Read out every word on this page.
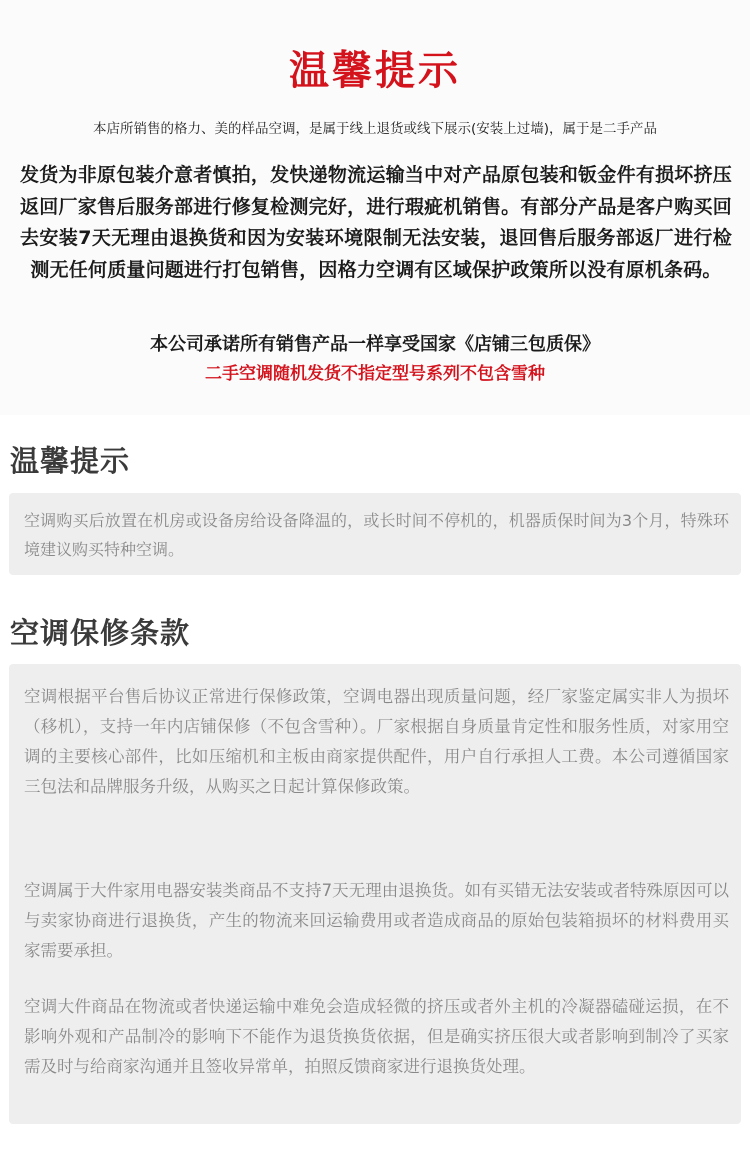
温馨提示

本店所销售的格力、美的样品空调，是属于线上退货或线下展示(安装上过墙)，属于是二手产品

发货为非原包装介意者慎拍，发快递物流运输当中对产品原包装和钣金件有损坏挤压返回厂家售后服务部进行修复检测完好，进行瑕疵机销售。有部分产品是客户购买回去安装7天无理由退换货和因为安装环境限制无法安装，退回售后服务部返厂进行检测无任何质量问题进行打包销售，因格力空调有区域保护政策所以没有原机条码。

本公司承诺所有销售产品一样享受国家《店铺三包质保》

二手空调随机发货不指定型号系列不包含雪种

温馨提示

空调购买后放置在机房或设备房给设备降温的，或长时间不停机的，机器质保时间为3个月，特殊环境建议购买特种空调。

空调保修条款

空调根据平台售后协议正常进行保修政策，空调电器出现质量问题，经厂家鉴定属实非人为损坏（移机），支持一年内店铺保修（不包含雪种）。厂家根据自身质量肯定性和服务性质，对家用空调的主要核心部件，比如压缩机和主板由商家提供配件，用户自行承担人工费。本公司遵循国家三包法和品牌服务升级，从购买之日起计算保修政策。

空调属于大件家用电器安装类商品不支持7天无理由退换货。如有买错无法安装或者特殊原因可以与卖家协商进行退换货，产生的物流来回运输费用或者造成商品的原始包装箱损坏的材料费用买家需要承担。

空调大件商品在物流或者快递运输中难免会造成轻微的挤压或者外主机的冷凝器磕碰运损，在不影响外观和产品制冷的影响下不能作为退货换货依据，但是确实挤压很大或者影响到制冷了买家需及时与给商家沟通并且签收异常单，拍照反馈商家进行退换货处理。
